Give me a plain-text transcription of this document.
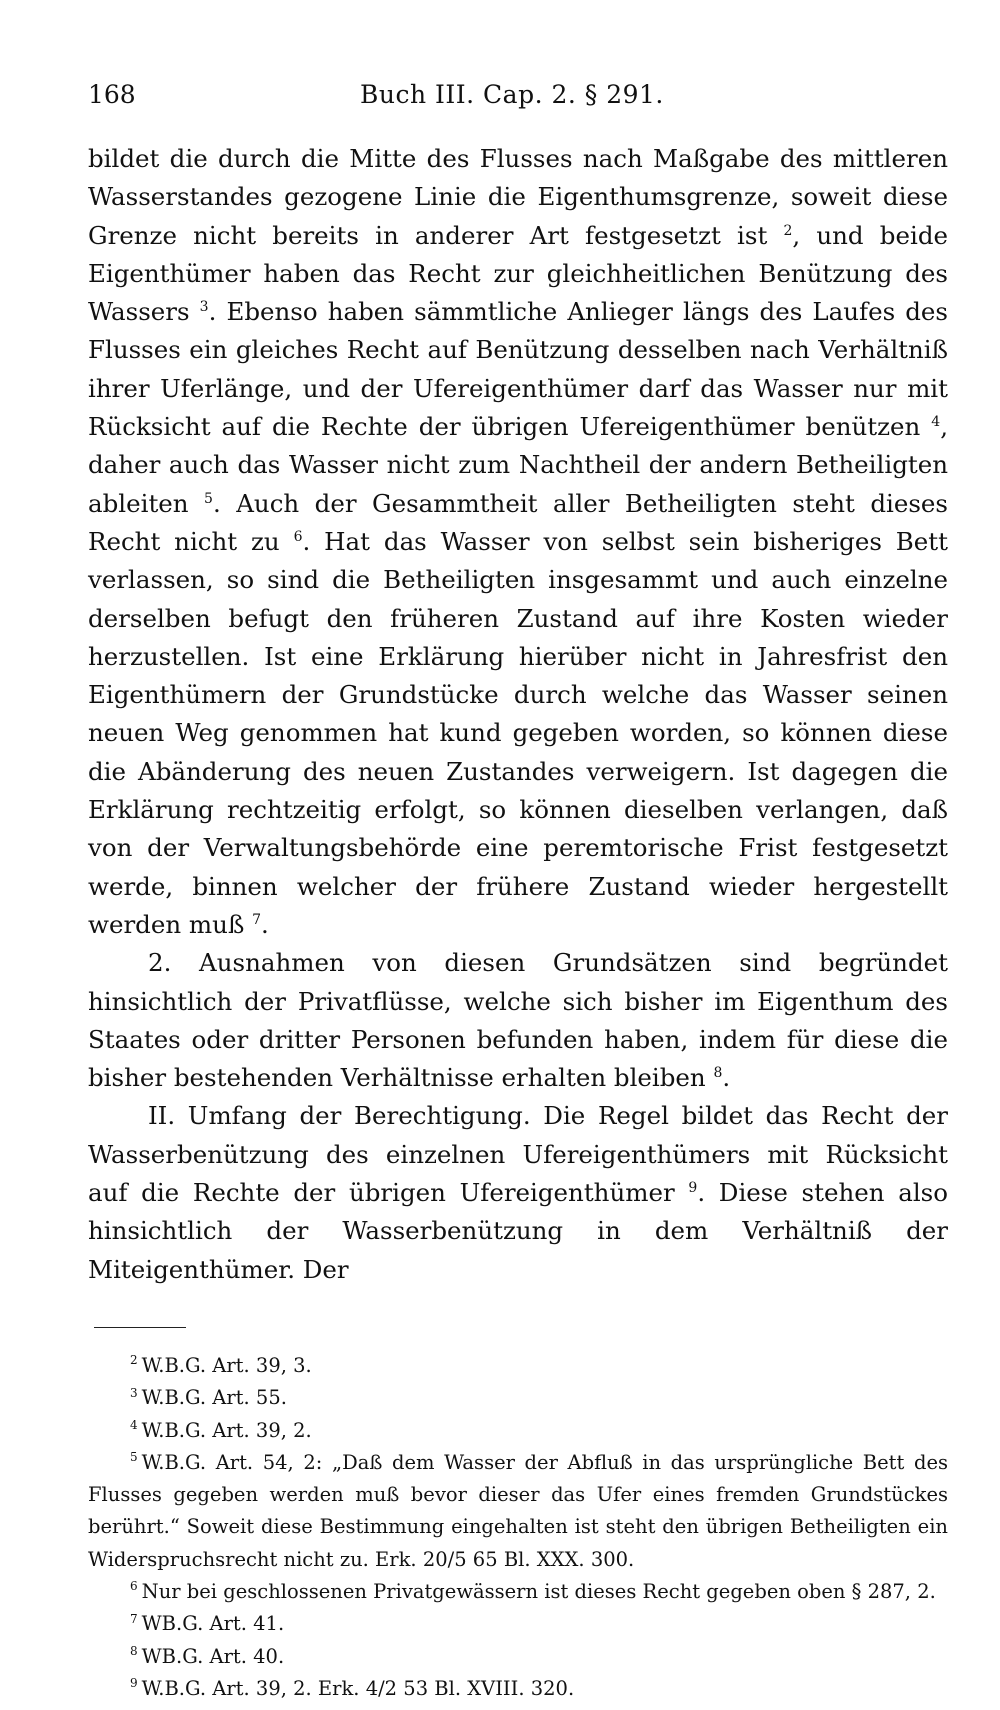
168	Buch III. Cap. 2. § 291.

bildet die durch die Mitte des Flusses nach Maßgabe des mittleren Wasserstandes gezogene Linie die Eigenthumsgrenze, soweit diese Grenze nicht bereits in anderer Art festgesetzt ist $^2$, und beide Eigenthümer haben das Recht zur gleichheitlichen Benützung des Wassers $^3$. Ebenso haben sämmtliche Anlieger längs des Laufes des Flusses ein gleiches Recht auf Benützung desselben nach Verhältniß ihrer Uferlänge, und der Ufereigenthümer darf das Wasser nur mit Rücksicht auf die Rechte der übrigen Ufereigenthümer benützen $^4$, daher auch das Wasser nicht zum Nachtheil der andern Betheiligten ableiten $^5$. Auch der Gesammtheit aller Betheiligten steht dieses Recht nicht zu $^6$. Hat das Wasser von selbst sein bisheriges Bett verlassen, so sind die Betheiligten insgesammt und auch einzelne derselben befugt den früheren Zustand auf ihre Kosten wieder herzustellen. Ist eine Erklärung hierüber nicht in Jahresfrist den Eigenthümern der Grundstücke durch welche das Wasser seinen neuen Weg genommen hat kund gegeben worden, so können diese die Abänderung des neuen Zustandes verweigern. Ist dagegen die Erklärung rechtzeitig erfolgt, so können dieselben verlangen, daß von der Verwaltungsbehörde eine peremtorische Frist festgesetzt werde, binnen welcher der frühere Zustand wieder hergestellt werden muß $^7$.

2. Ausnahmen von diesen Grundsätzen sind begründet hinsichtlich der Privatflüsse, welche sich bisher im Eigenthum des Staates oder dritter Personen befunden haben, indem für diese die bisher bestehenden Verhältnisse erhalten bleiben $^8$.

II. Umfang der Berechtigung. Die Regel bildet das Recht der Wasserbenützung des einzelnen Ufereigenthümers mit Rücksicht auf die Rechte der übrigen Ufereigenthümer $^9$. Diese stehen also hinsichtlich der Wasserbenützung in dem Verhältniß der Miteigenthümer. Der

$^2$ W.B.G. Art. 39, 3.

$^3$ W.B.G. Art. 55.

$^4$ W.B.G. Art. 39, 2.

$^5$ W.B.G. Art. 54, 2: „Daß dem Wasser der Abfluß in das ursprüngliche Bett des Flusses gegeben werden muß bevor dieser das Ufer eines fremden Grundstückes berührt.“ Soweit diese Bestimmung eingehalten ist steht den übrigen Betheiligten ein Widerspruchsrecht nicht zu. Erk. 20/5 65 Bl. XXX. 300.

$^6$ Nur bei geschlossenen Privatgewässern ist dieses Recht gegeben oben § 287, 2.

$^7$ WB.G. Art. 41.

$^8$ WB.G. Art. 40.

$^9$ W.B.G. Art. 39, 2. Erk. 4/2 53 Bl. XVIII. 320.
